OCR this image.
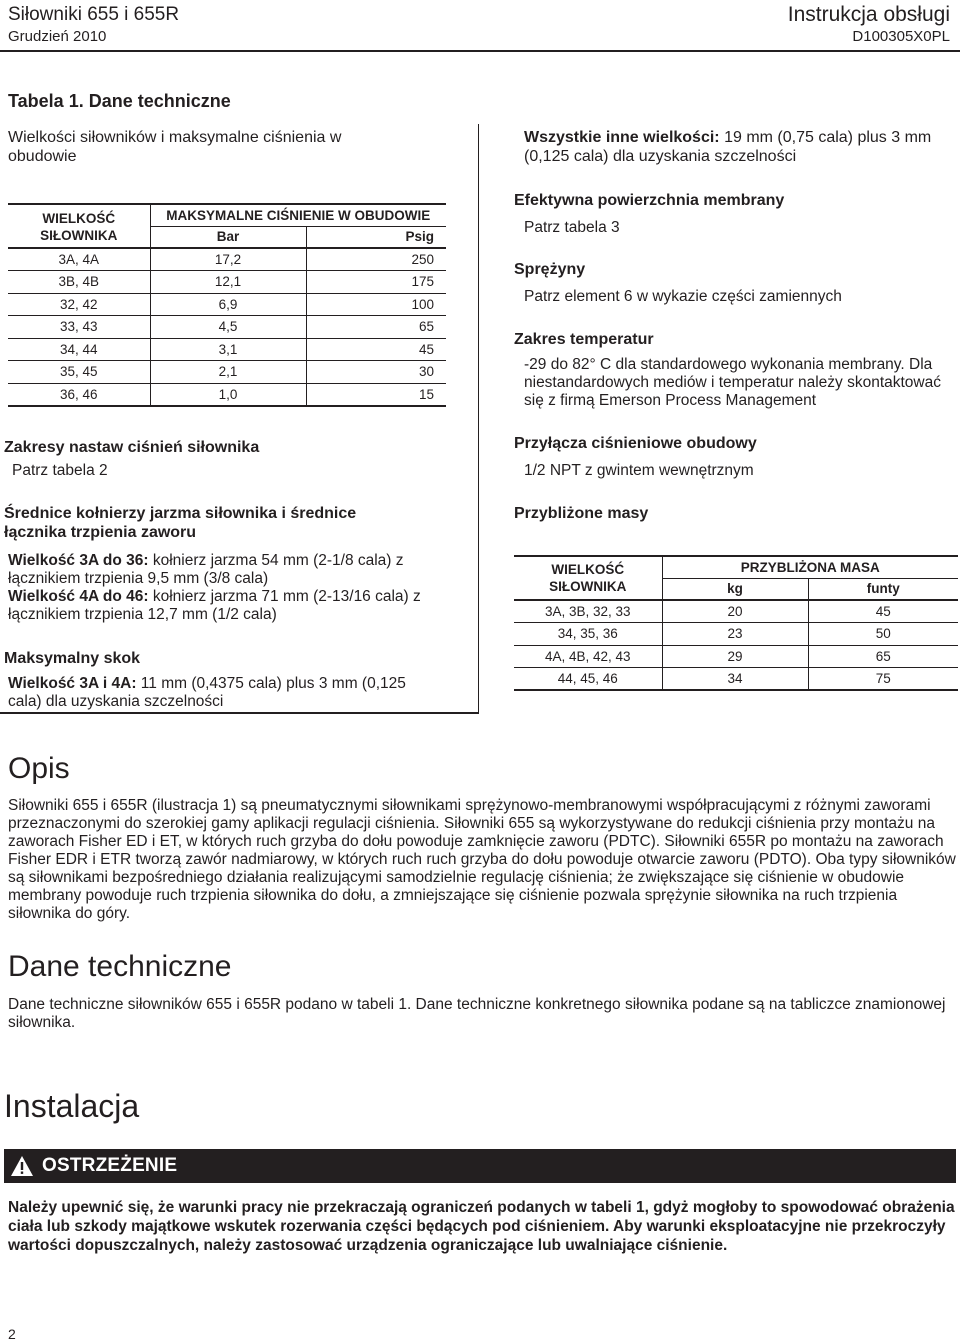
Siłowniki 655 i 655R
Grudzień 2010
Instrukcja obsługi
D100305X0PL
Tabela 1. Dane techniczne
Wielkości siłowników i maksymalne ciśnienia w obudowie
WIELKOŚĆ SIŁOWNIKA	MAKSYMALNE CIŚNIENIE W OBUDOWIE	
	Bar	Psig
3A, 4A	17,2	250
3B, 4B	12,1	175
32, 42	6,9	100
33, 43	4,5	65
34, 44	3,1	45
35, 45	2,1	30
36, 46	1,0	15
Zakresy nastaw ciśnień siłownika
Patrz tabela 2
Średnice kołnierzy jarzma siłownika i średnice łącznika trzpienia zaworu
Wielkość 3A do 36: kołnierz jarzma 54 mm (2-1/8 cala) z łącznikiem trzpienia 9,5 mm (3/8 cala)
Wielkość 4A do 46: kołnierz jarzma 71 mm (2-13/16 cala) z łącznikiem trzpienia 12,7 mm (1/2 cala)
Maksymalny skok
Wielkość 3A i 4A: 11 mm (0,4375 cala) plus 3 mm (0,125 cala) dla uzyskania szczelności
Wszystkie inne wielkości: 19 mm (0,75 cala) plus 3 mm (0,125 cala) dla uzyskania szczelności
Efektywna powierzchnia membrany
Patrz tabela 3
Sprężyny
Patrz element 6 w wykazie części zamiennych
Zakres temperatur
-29 do 82° C dla standardowego wykonania membrany. Dla niestandardowych mediów i temperatur należy skontaktować się z firmą Emerson Process Management
Przyłącza ciśnieniowe obudowy
1/2 NPT z gwintem wewnętrznym
Przybliżone masy
WIELKOŚĆ SIŁOWNIKA	PRZYBLIŻONA MASA	
	kg	funty
3A, 3B, 32, 33	20	45
34, 35, 36	23	50
4A, 4B, 42, 43	29	65
44, 45, 46	34	75
Opis
Siłowniki 655 i 655R (ilustracja 1) są pneumatycznymi siłownikami sprężynowo-membranowymi współpracującymi z różnymi zaworami przeznaczonymi do szerokiej gamy aplikacji regulacji ciśnienia. Siłowniki 655 są wykorzystywane do redukcji ciśnienia przy montażu na zaworach Fisher ED i ET, w których ruch grzyba do dołu powoduje zamknięcie zaworu (PDTC). Siłowniki 655R po montażu na zaworach Fisher EDR i ETR tworzą zawór nadmiarowy, w których ruch ruch grzyba do dołu powoduje otwarcie zaworu (PDTO). Oba typy siłowników są siłownikami bezpośredniego działania realizującymi samodzielnie regulację ciśnienia; że zwiększające się ciśnienie w obudowie membrany powoduje ruch trzpienia siłownika do dołu, a zmniejszające się ciśnienie pozwala sprężynie siłownika na ruch trzpienia siłownika do góry.
Dane techniczne
Dane techniczne siłowników 655 i 655R podano w tabeli 1. Dane techniczne konkretnego siłownika podane są na tabliczce znamionowej siłownika.
Instalacja
OSTRZEŻENIE
Należy upewnić się, że warunki pracy nie przekraczają ograniczeń podanych w tabeli 1, gdyż mogłoby to spowodować obrażenia ciała lub szkody majątkowe wskutek rozerwania części będących pod ciśnieniem. Aby warunki eksploatacyjne nie przekroczyły wartości dopuszczalnych, należy zastosować urządzenia ograniczające lub uwalniające ciśnienie.
2
